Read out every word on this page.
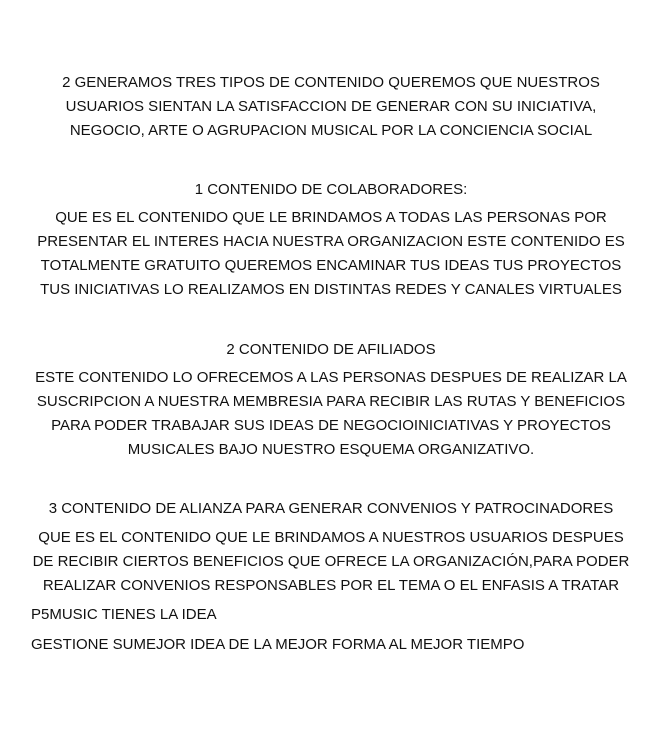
2 GENERAMOS TRES TIPOS DE CONTENIDO QUEREMOS QUE NUESTROS
USUARIOS SIENTAN LA SATISFACCION DE GENERAR CON SU INICIATIVA,
NEGOCIO, ARTE O AGRUPACION MUSICAL POR LA CONCIENCIA SOCIAL
1 CONTENIDO DE COLABORADORES:
QUE ES EL CONTENIDO QUE LE BRINDAMOS A TODAS LAS PERSONAS POR
PRESENTAR EL INTERES HACIA NUESTRA ORGANIZACION ESTE CONTENIDO ES
TOTALMENTE GRATUITO QUEREMOS ENCAMINAR TUS IDEAS TUS PROYECTOS
TUS INICIATIVAS LO REALIZAMOS EN DISTINTAS REDES Y CANALES VIRTUALES
2 CONTENIDO DE AFILIADOS
ESTE CONTENIDO LO OFRECEMOS A LAS PERSONAS DESPUES DE REALIZAR LA
SUSCRIPCION A NUESTRA MEMBRESIA PARA RECIBIR LAS RUTAS Y BENEFICIOS
PARA PODER TRABAJAR SUS IDEAS DE NEGOCIOINICIATIVAS Y PROYECTOS
MUSICALES BAJO NUESTRO ESQUEMA ORGANIZATIVO.
3 CONTENIDO DE ALIANZA PARA GENERAR CONVENIOS Y PATROCINADORES
QUE ES EL CONTENIDO QUE LE BRINDAMOS A NUESTROS USUARIOS DESPUES
DE RECIBIR CIERTOS BENEFICIOS QUE OFRECE LA ORGANIZACIÓN,PARA PODER
REALIZAR CONVENIOS RESPONSABLES POR EL TEMA O EL ENFASIS A TRATAR
P5MUSIC TIENES LA IDEA
GESTIONE SUMEJOR IDEA DE LA MEJOR FORMA AL MEJOR TIEMPO
